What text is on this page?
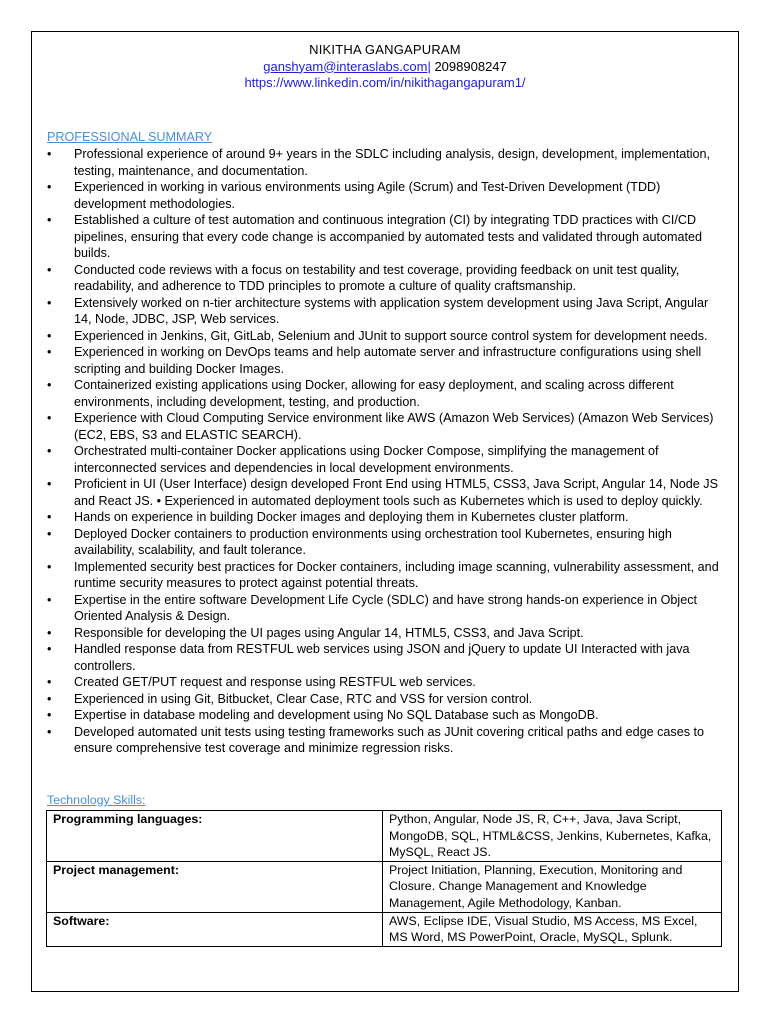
NIKITHA GANGAPURAM
ganshyam@interaslabs.com| 2098908247
https://www.linkedin.com/in/nikithagangapuram1/
PROFESSIONAL SUMMARY
• Professional experience of around 9+ years in the SDLC including analysis, design, development, implementation, testing, maintenance, and documentation.
• Experienced in working in various environments using Agile (Scrum) and Test-Driven Development (TDD) development methodologies.
• Established a culture of test automation and continuous integration (CI) by integrating TDD practices with CI/CD pipelines, ensuring that every code change is accompanied by automated tests and validated through automated builds.
• Conducted code reviews with a focus on testability and test coverage, providing feedback on unit test quality, readability, and adherence to TDD principles to promote a culture of quality craftsmanship.
• Extensively worked on n-tier architecture systems with application system development using Java Script, Angular 14, Node, JDBC, JSP, Web services.
• Experienced in Jenkins, Git, GitLab, Selenium and JUnit to support source control system for development needs.
• Experienced in working on DevOps teams and help automate server and infrastructure configurations using shell scripting and building Docker Images.
• Containerized existing applications using Docker, allowing for easy deployment, and scaling across different environments, including development, testing, and production.
• Experience with Cloud Computing Service environment like AWS (Amazon Web Services) (Amazon Web Services) (EC2, EBS, S3 and ELASTIC SEARCH).
• Orchestrated multi-container Docker applications using Docker Compose, simplifying the management of interconnected services and dependencies in local development environments.
• Proficient in UI (User Interface) design developed Front End using HTML5, CSS3, Java Script, Angular 14, Node JS and React JS. • Experienced in automated deployment tools such as Kubernetes which is used to deploy quickly.
• Hands on experience in building Docker images and deploying them in Kubernetes cluster platform.
• Deployed Docker containers to production environments using orchestration tool Kubernetes, ensuring high availability, scalability, and fault tolerance.
• Implemented security best practices for Docker containers, including image scanning, vulnerability assessment, and runtime security measures to protect against potential threats.
• Expertise in the entire software Development Life Cycle (SDLC) and have strong hands-on experience in Object Oriented Analysis & Design.
• Responsible for developing the UI pages using Angular 14, HTML5, CSS3, and Java Script.
• Handled response data from RESTFUL web services using JSON and jQuery to update UI Interacted with java controllers.
• Created GET/PUT request and response using RESTFUL web services.
• Experienced in using Git, Bitbucket, Clear Case, RTC and VSS for version control.
• Expertise in database modeling and development using No SQL Database such as MongoDB.
• Developed automated unit tests using testing frameworks such as JUnit covering critical paths and edge cases to ensure comprehensive test coverage and minimize regression risks.
Technology Skills:
Programming languages:	Python, Angular, Node JS, R, C++, Java, Java Script, MongoDB, SQL, HTML&CSS, Jenkins, Kubernetes, Kafka, MySQL, React JS.
Project management:	Project Initiation, Planning, Execution, Monitoring and Closure. Change Management and Knowledge Management, Agile Methodology, Kanban.
Software:	AWS, Eclipse IDE, Visual Studio, MS Access, MS Excel, MS Word, MS PowerPoint, Oracle, MySQL, Splunk.
